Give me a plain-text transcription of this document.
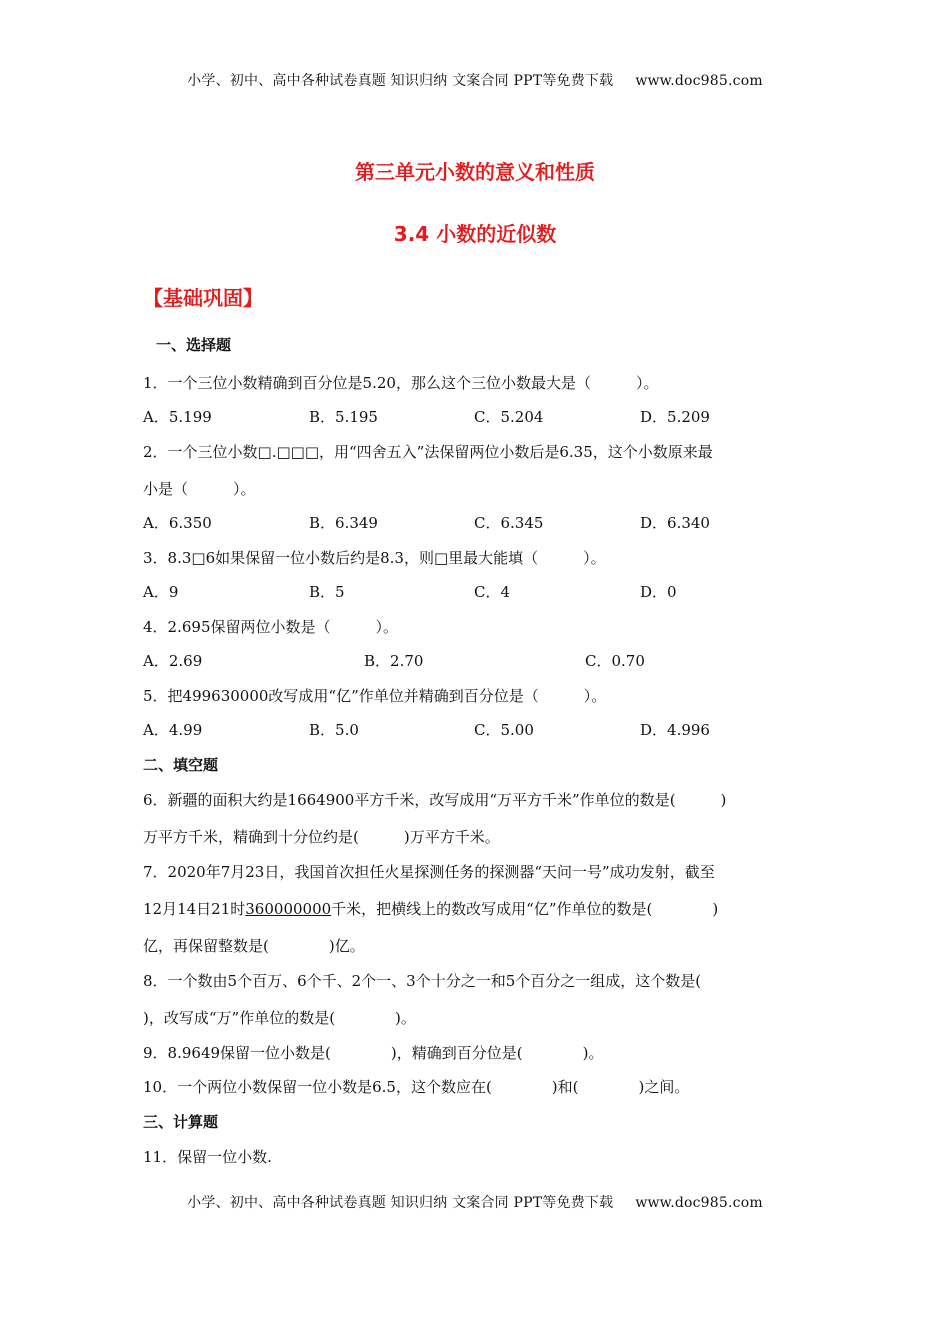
小学、初中、高中各种试卷真题 知识归纳 文案合同 PPT等免费下载 www.doc985.com
第三单元小数的意义和性质
3.4 小数的近似数
【基础巩固】
一、选择题
1．一个三位小数精确到百分位是5.20，那么这个三位小数最大是（　　　）。
A．5.199	B．5.195	C．5.204	D．5.209
2．一个三位小数□.□□□，用“四舍五入”法保留两位小数后是6.35，这个小数原来最
小是（　　　）。
A．6.350	B．6.349	C．6.345	D．6.340
3．8.3□6如果保留一位小数后约是8.3，则□里最大能填（　　　）。
A．9	B．5	C．4	D．0
4．2.695保留两位小数是（　　　）。
A．2.69	B．2.70	C．0.70
5．把499630000改写成用“亿”作单位并精确到百分位是（　　　）。
A．4.99	B．5.0	C．5.00	D．4.996
二、填空题
6．新疆的面积大约是1664900平方千米，改写成用“万平方千米”作单位的数是(　　　)
万平方千米，精确到十分位约是(　　　)万平方千米。
7．2020年7月23日，我国首次担任火星探测任务的探测器“天问一号”成功发射，截至
12月14日21时360000000千米，把横线上的数改写成用“亿”作单位的数是(　　　　)
亿，再保留整数是(　　　　)亿。
8．一个数由5个百万、6个千、2个一、3个十分之一和5个百分之一组成，这个数是(
)，改写成“万”作单位的数是(　　　　)。
9．8.9649保留一位小数是(　　　　)，精确到百分位是(　　　　)。
10．一个两位小数保留一位小数是6.5，这个数应在(　　　　)和(　　　　)之间。
三、计算题
11．保留一位小数.
小学、初中、高中各种试卷真题 知识归纳 文案合同 PPT等免费下载 www.doc985.com
